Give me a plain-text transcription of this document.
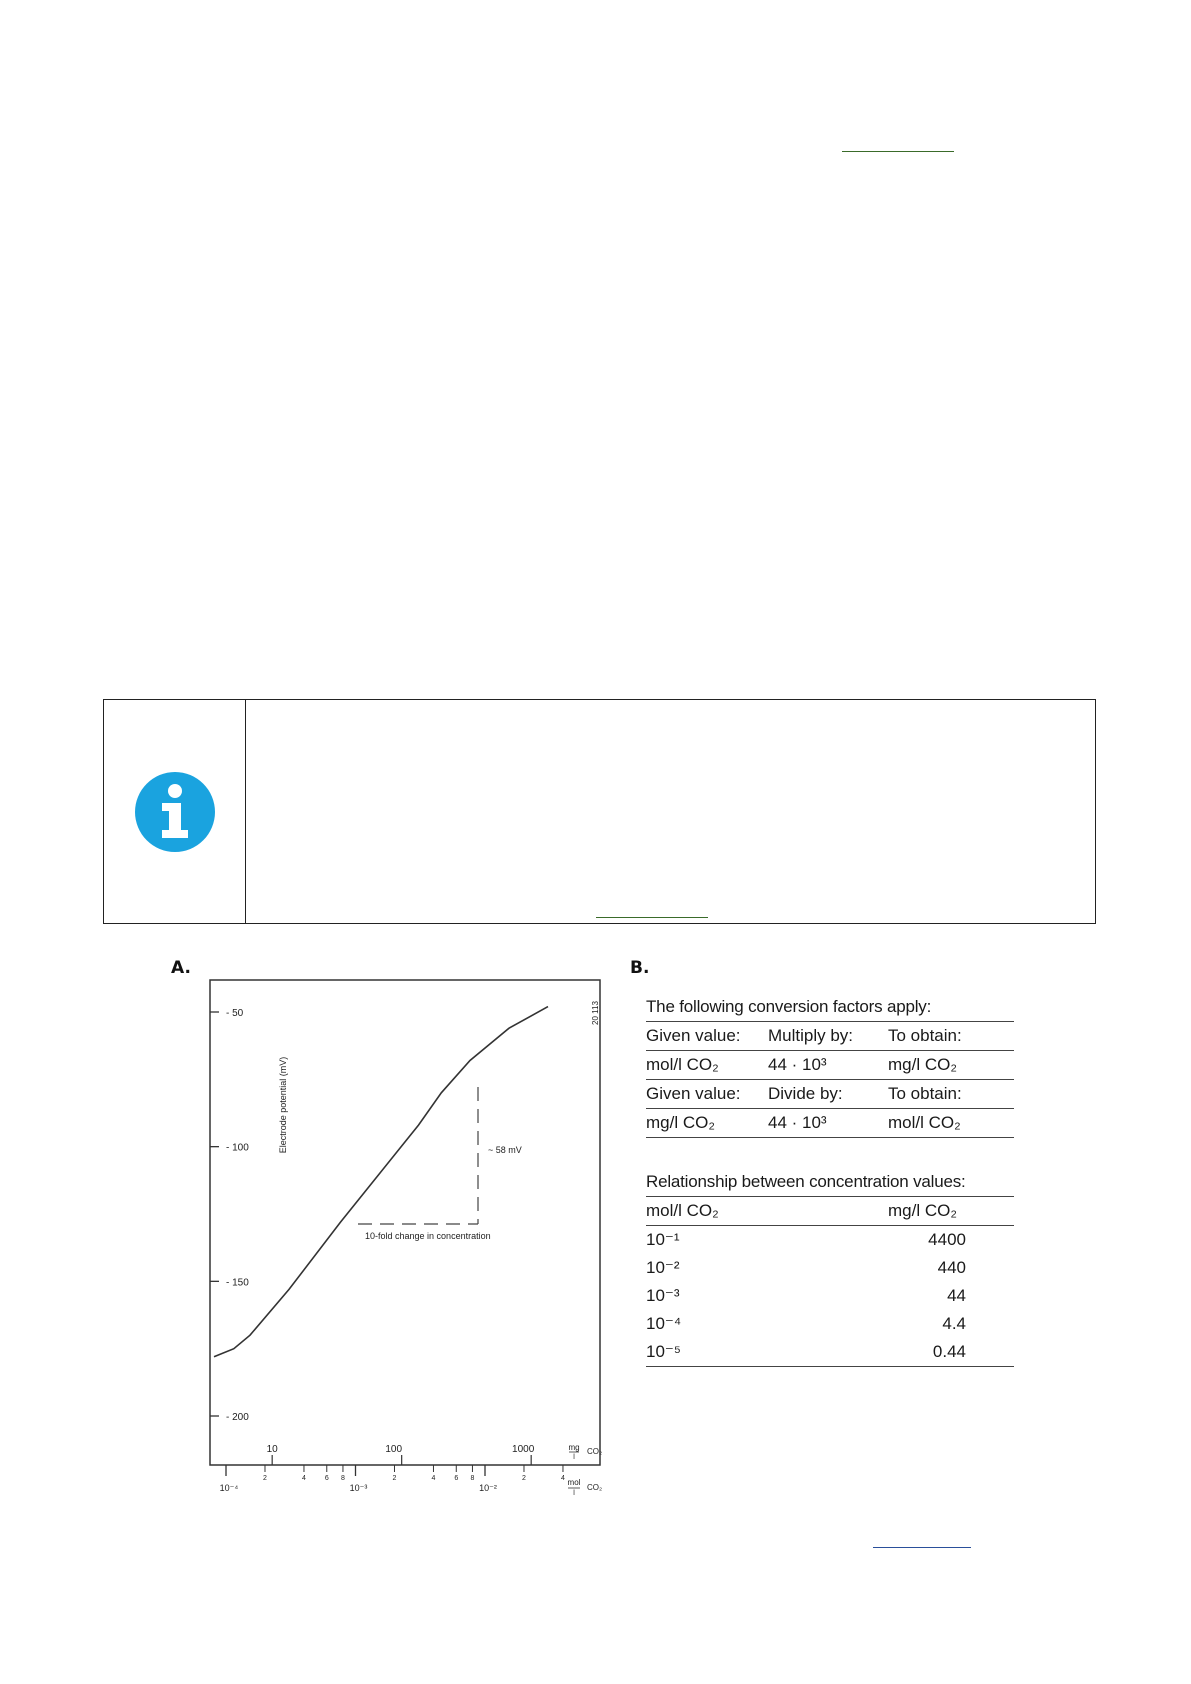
A.	B.
- 50
- 100
- 150
- 200
Electrode potential (mV)
20 113
10	100	1000
10⁻⁴	10⁻³	10⁻²
2	4	6 8	2	4	6 8	2	4
mg
l
CO₂
mol
l
CO₂
~ 58 mV
10-fold change in concentration
The following conversion factors apply:
Given value:	Multiply by:	To obtain:
mol/l CO₂	44 · 10³	mg/l CO₂
Given value:	Divide by:	To obtain:
mg/l CO₂	44 · 10³	mol/l CO₂
Relationship between concentration values:
mol/l CO₂	mg/l CO₂
10⁻¹	4400
10⁻²	440
10⁻³	44
10⁻⁴	4.4
10⁻⁵	0.44
